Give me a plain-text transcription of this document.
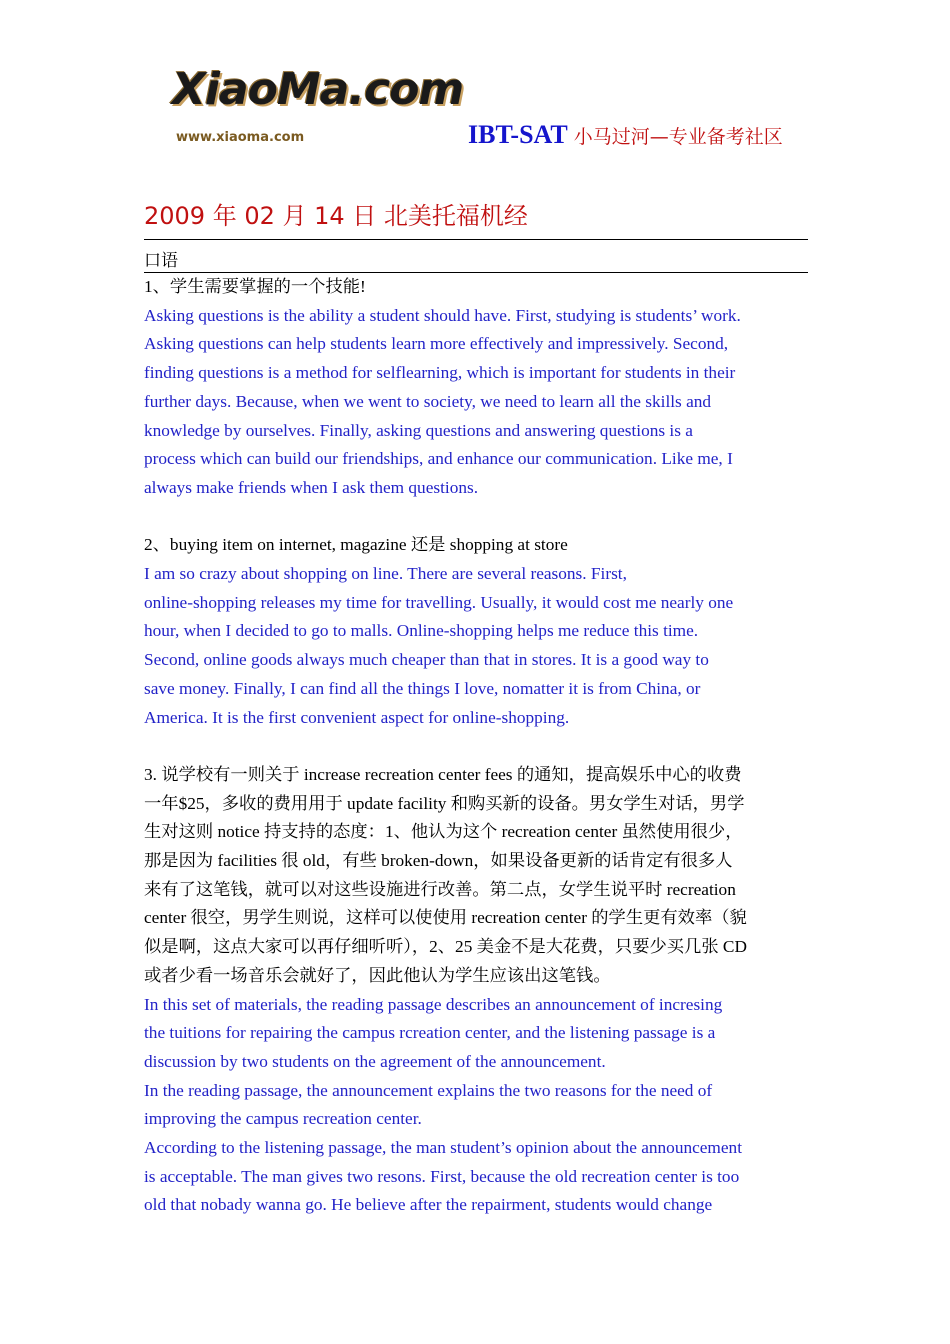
XiaoMa.com
www.xiaoma.com	IBT-SAT 小马过河—专业备考社区
2009 年 02 月 14 日 北美托福机经
口语

1、学生需要掌握的一个技能!

Asking questions is the ability a student should have. First, studying is students’ work.

Asking questions can help students learn more effectively and impressively. Second,

finding questions is a method for selflearning, which is important for students in their

further days. Because, when we went to society, we need to learn all the skills and

knowledge by ourselves. Finally, asking questions and answering questions is a

process which can build our friendships, and enhance our communication. Like me, I

always make friends when I ask them questions.

2、buying item on internet, magazine 还是 shopping at store

I am so crazy about shopping on line. There are several reasons. First,

online-shopping releases my time for travelling. Usually, it would cost me nearly one

hour, when I decided to go to malls. Online-shopping helps me reduce this time.

Second, online goods always much cheaper than that in stores. It is a good way to

save money. Finally, I can find all the things I love, nomatter it is from China, or

America. It is the first convenient aspect for online-shopping.

3. 说学校有一则关于 increase recreation center fees 的通知，提高娱乐中心的收费

一年$25，多收的费用用于 update facility 和购买新的设备。男女学生对话，男学

生对这则 notice 持支持的态度：1、他认为这个 recreation center 虽然使用很少，

那是因为 facilities 很 old，有些 broken-down，如果设备更新的话肯定有很多人

来有了这笔钱，就可以对这些设施进行改善。第二点，女学生说平时 recreation

center 很空，男学生则说，这样可以使使用 recreation center 的学生更有效率（貌

似是啊，这点大家可以再仔细听听），2、25 美金不是大花费，只要少买几张 CD

或者少看一场音乐会就好了，因此他认为学生应该出这笔钱。

In this set of materials, the reading passage describes an announcement of incresing

the tuitions for repairing the campus rcreation center, and the listening passage is a

discussion by two students on the agreement of the announcement.

In the reading passage, the announcement explains the two reasons for the need of

improving the campus recreation center.

According to the listening passage, the man student’s opinion about the announcement

is acceptable. The man gives two resons. First, because the old recreation center is too

old that nobady wanna go. He believe after the repairment, students would change
